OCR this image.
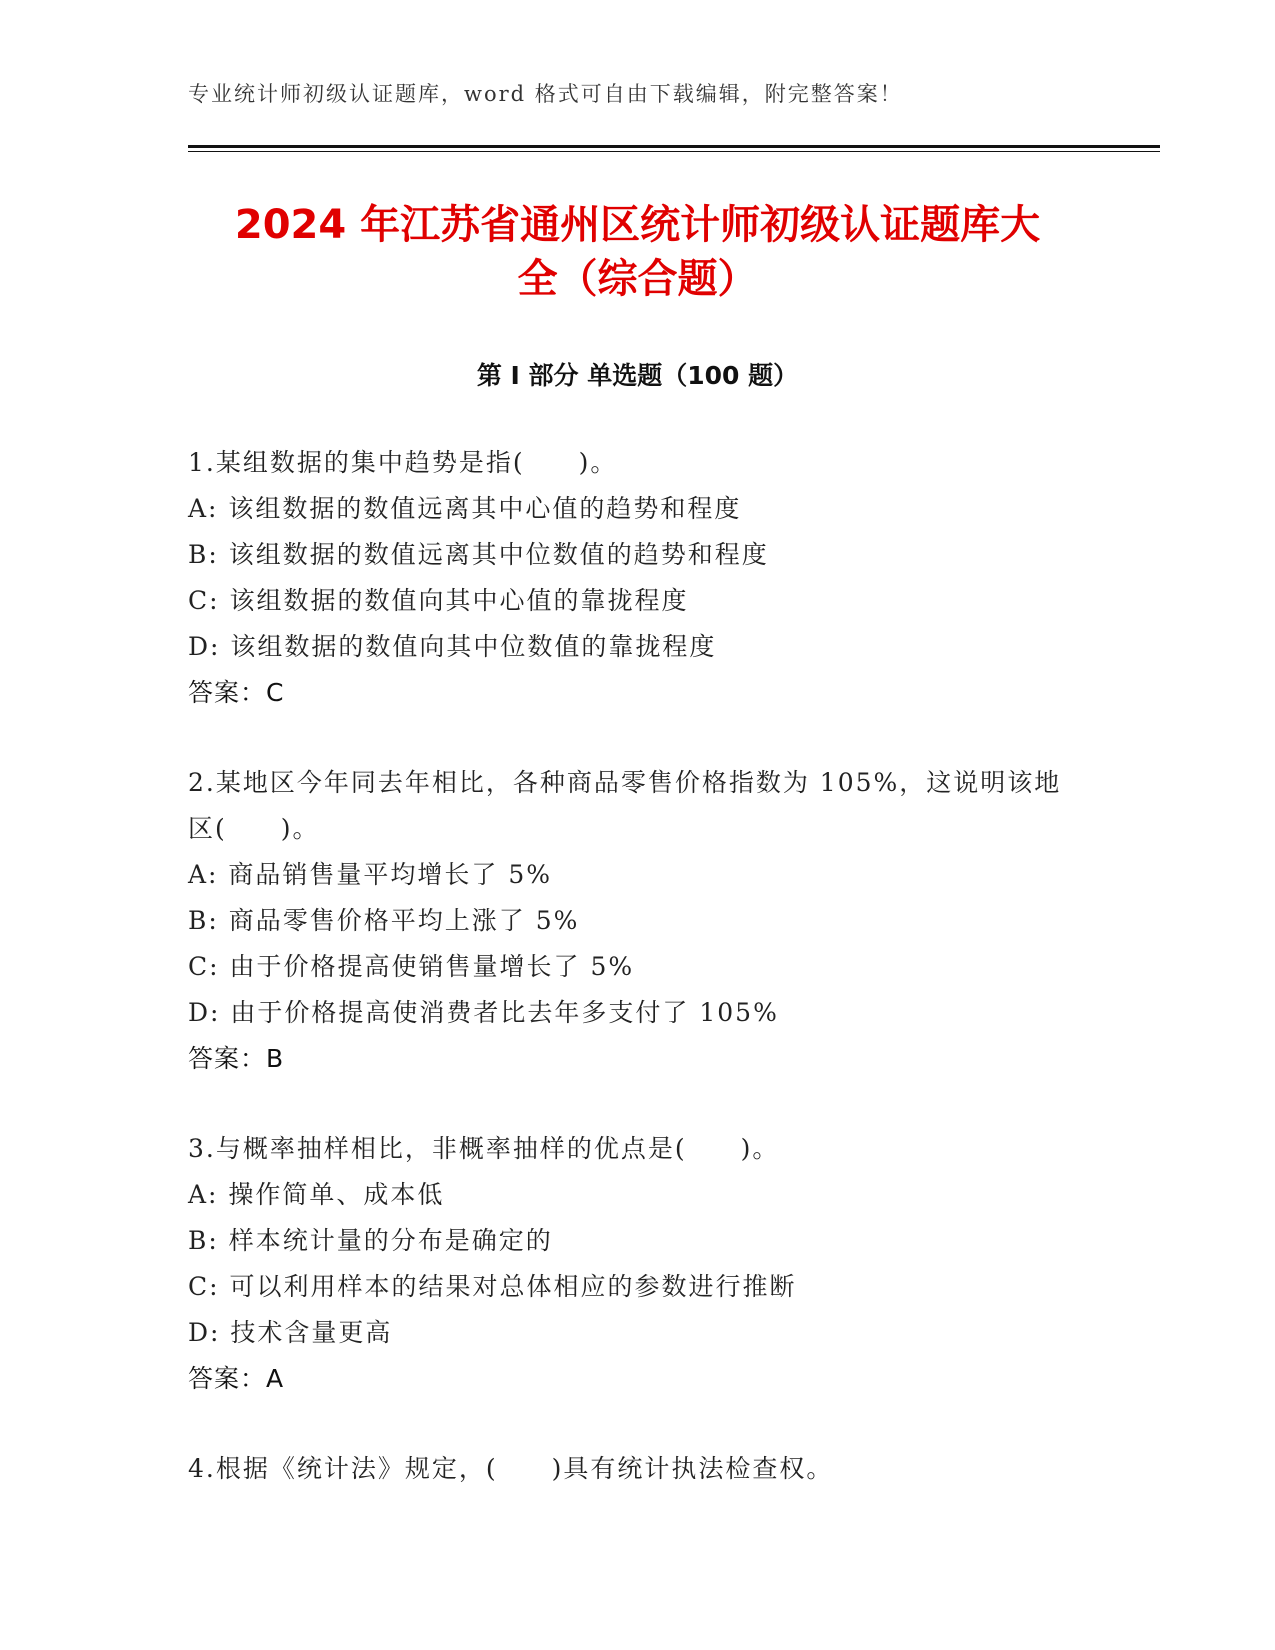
专业统计师初级认证题库，word 格式可自由下载编辑，附完整答案！
2024 年江苏省通州区统计师初级认证题库大
全（综合题）
第 I 部分 单选题（100 题）
1.某组数据的集中趋势是指(　　)。
A: 该组数据的数值远离其中心值的趋势和程度
B: 该组数据的数值远离其中位数值的趋势和程度
C: 该组数据的数值向其中心值的靠拢程度
D: 该组数据的数值向其中位数值的靠拢程度
答案：C
2.某地区今年同去年相比，各种商品零售价格指数为 105%，这说明该地区(　　)。
A: 商品销售量平均增长了 5%
B: 商品零售价格平均上涨了 5%
C: 由于价格提高使销售量增长了 5%
D: 由于价格提高使消费者比去年多支付了 105%
答案：B
3.与概率抽样相比，非概率抽样的优点是(　　)。
A: 操作简单、成本低
B: 样本统计量的分布是确定的
C: 可以利用样本的结果对总体相应的参数进行推断
D: 技术含量更高
答案：A
4.根据《统计法》规定，(　　)具有统计执法检查权。
